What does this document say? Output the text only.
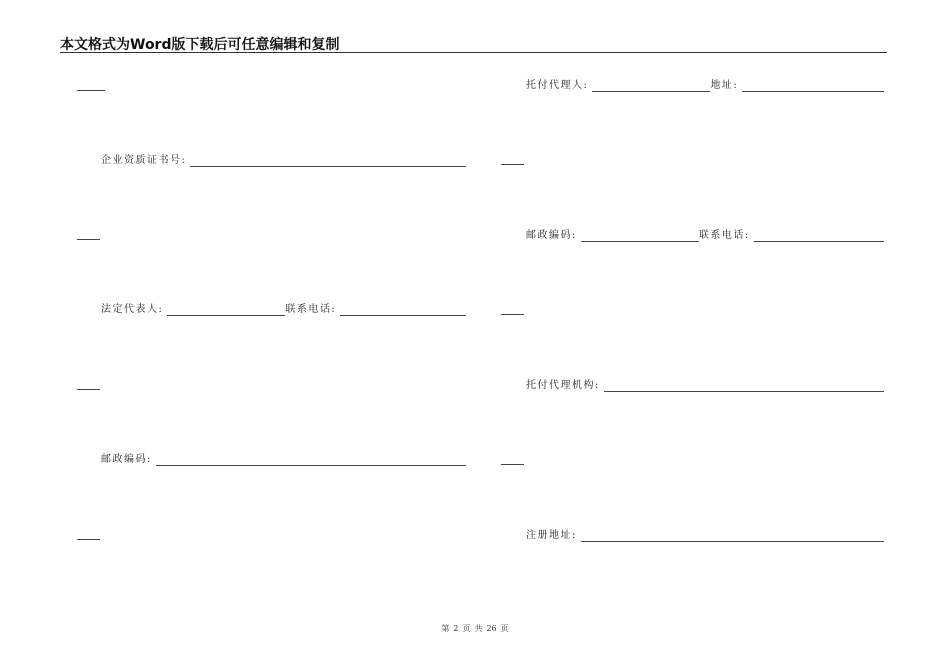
本文格式为Word版下载后可任意编辑和复制
企业资质证书号:
法定代表人:	联系电话:
邮政编码:
托付代理人:	地址:
邮政编码:	联系电话:
托付代理机构:
注册地址:
第 2 页 共 26 页
